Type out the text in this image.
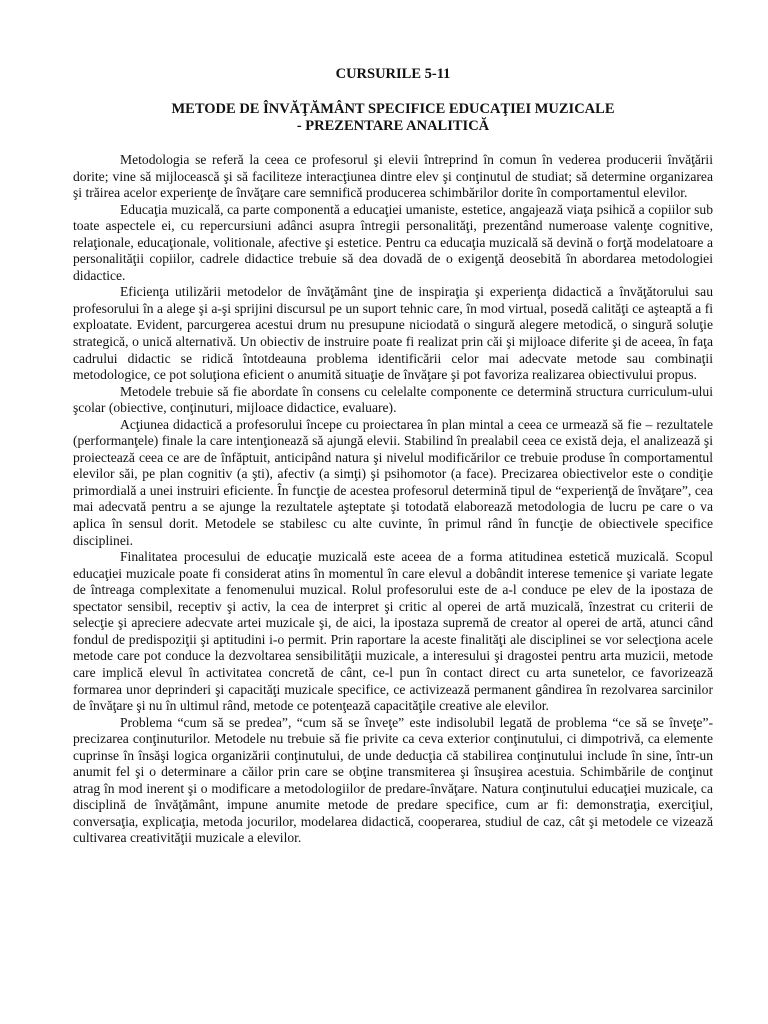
CURSURILE 5-11

METODE DE ÎNVĂŢĂMÂNT SPECIFICE EDUCAŢIEI MUZICALE

- PREZENTARE ANALITICĂ

Metodologia se referă la ceea ce profesorul şi elevii întreprind în comun în vederea producerii învăţării dorite; vine să mijlocească şi să faciliteze interacţiunea dintre elev şi conţinutul de studiat; să determine organizarea şi trăirea acelor experienţe de învăţare care semnifică producerea schimbărilor dorite în comportamentul elevilor.

Educaţia muzicală, ca parte componentă a educaţiei umaniste, estetice, angajează viaţa psihică a copiilor sub toate aspectele ei, cu repercursiuni adânci asupra întregii personalităţi, prezentând numeroase valenţe cognitive, relaţionale, educaţionale, volitionale, afective şi estetice. Pentru ca educaţia muzicală să devină o forţă modelatoare a personalităţii copiilor, cadrele didactice trebuie să dea dovadă de o exigenţă deosebită în abordarea metodologiei didactice.

Eficienţa utilizării metodelor de învăţământ ţine de inspiraţia şi experienţa didactică a învăţătorului sau profesorului în a alege şi a-şi sprijini discursul pe un suport tehnic care, în mod virtual, posedă calităţi ce aşteaptă a fi exploatate. Evident, parcurgerea acestui drum nu presupune niciodată o singură alegere metodică, o singură soluţie strategică, o unică alternativă. Un obiectiv de instruire poate fi realizat prin căi şi mijloace diferite şi de aceea, în faţa cadrului didactic se ridică întotdeauna problema identificării celor mai adecvate metode sau combinaţii metodologice, ce pot soluţiona eficient o anumită situaţie de învăţare şi pot favoriza realizarea obiectivului propus.

Metodele trebuie să fie abordate în consens cu celelalte componente ce determină structura curriculum-ului şcolar (obiective, conţinuturi, mijloace didactice, evaluare).

Acţiunea didactică a profesorului începe cu proiectarea în plan mintal a ceea ce urmează să fie – rezultatele (performanţele) finale la care intenţionează să ajungă elevii. Stabilind în prealabil ceea ce există deja, el analizează şi proiectează ceea ce are de înfăptuit, anticipând natura şi nivelul modificărilor ce trebuie produse în comportamentul elevilor săi, pe plan cognitiv (a şti), afectiv (a simţi) şi psihomotor (a face). Precizarea obiectivelor este o condiţie primordială a unei instruiri eficiente. În funcţie de acestea profesorul determină tipul de “experienţă de învăţare”, cea mai adecvată pentru a se ajunge la rezultatele aşteptate şi totodată elaborează metodologia de lucru pe care o va aplica în sensul dorit. Metodele se stabilesc cu alte cuvinte, în primul rând în funcţie de obiectivele specifice disciplinei.

Finalitatea procesului de educaţie muzicală este aceea de a forma atitudinea estetică muzicală. Scopul educaţiei muzicale poate fi considerat atins în momentul în care elevul a dobândit interese temenice şi variate legate de întreaga complexitate a fenomenului muzical. Rolul profesorului este de a-l conduce pe elev de la ipostaza de spectator sensibil, receptiv şi activ, la cea de interpret şi critic al operei de artă muzicală, înzestrat cu criterii de selecţie şi apreciere adecvate artei muzicale şi, de aici, la ipostaza supremă de creator al operei de artă, atunci când fondul de predispoziţii şi aptitudini i-o permit. Prin raportare la aceste finalităţi ale disciplinei se vor selecţiona acele metode care pot conduce la dezvoltarea sensibilităţii muzicale, a interesului şi dragostei pentru arta muzicii, metode care implică elevul în activitatea concretă de cânt, ce-l pun în contact direct cu arta sunetelor, ce favorizează formarea unor deprinderi şi capacităţi muzicale specifice, ce activizează permanent gândirea în rezolvarea sarcinilor de învăţare şi nu în ultimul rând, metode ce potenţează capacităţile creative ale elevilor.

Problema “cum să se predea”, “cum să se înveţe” este indisolubil legată de problema “ce să se înveţe”- precizarea conţinuturilor. Metodele nu trebuie să fie privite ca ceva exterior conţinutului, ci dimpotrivă, ca elemente cuprinse în însăşi logica organizării conţinutului, de unde deducţia că stabilirea conţinutului include în sine, într-un anumit fel şi o determinare a căilor prin care se obţine transmiterea şi însuşirea acestuia. Schimbările de conţinut atrag în mod inerent şi o modificare a metodologiilor de predare-învăţare. Natura conţinutului educaţiei muzicale, ca disciplină de învăţământ, impune anumite metode de predare specifice, cum ar fi: demonstraţia, exerciţiul, conversaţia, explicaţia, metoda jocurilor, modelarea didactică, cooperarea, studiul de caz, cât şi metodele ce vizează cultivarea creativităţii muzicale a elevilor.
